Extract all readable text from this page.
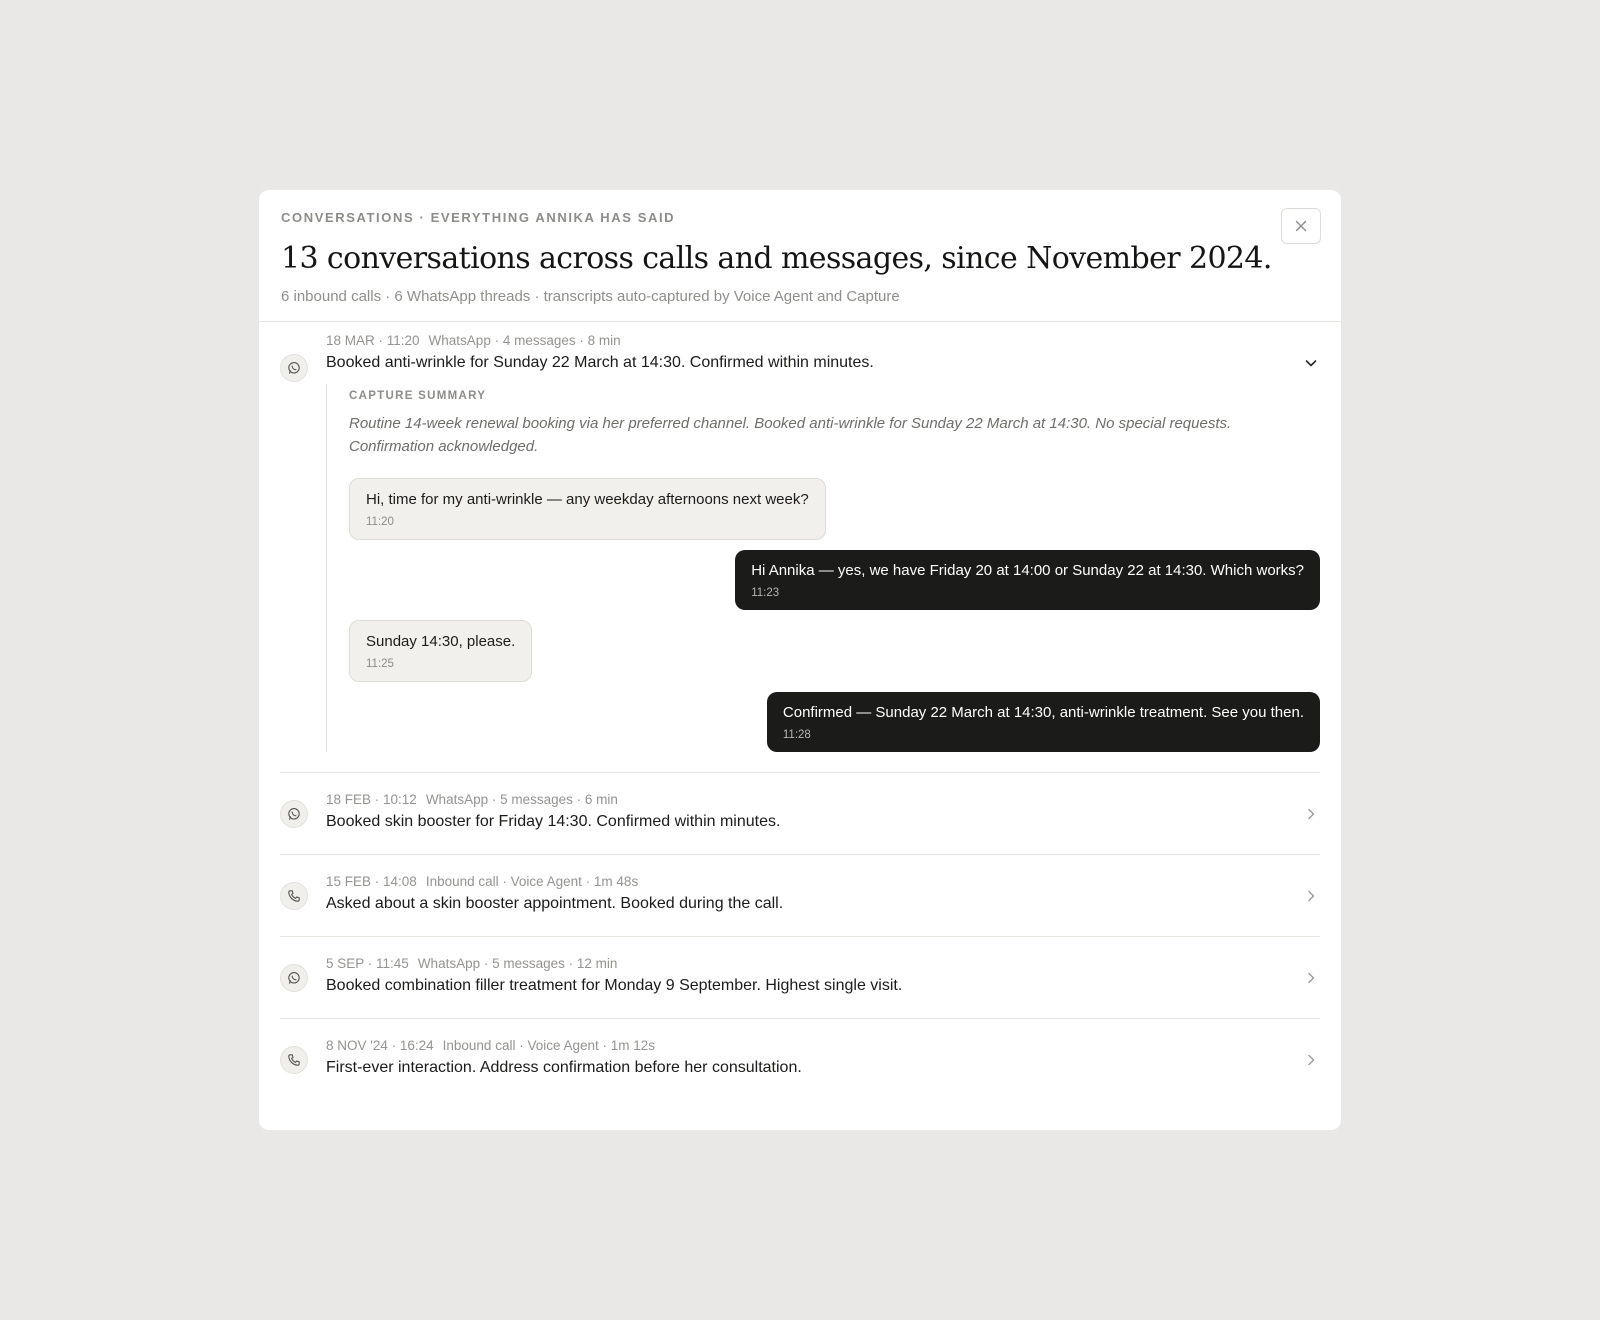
CONVERSATIONS · EVERYTHING ANNIKA HAS SAID

13 conversations across calls and messages, since November 2024.
6 inbound calls · 6 WhatsApp threads · transcripts auto-captured by Voice Agent and Capture
18 MAR · 11:20 WhatsApp · 4 messages · 8 min
Booked anti-wrinkle for Sunday 22 March at 14:30. Confirmed within minutes.
CAPTURE SUMMARY
Routine 14-week renewal booking via her preferred channel. Booked anti-wrinkle for Sunday 22 March at 14:30. No special requests. Confirmation acknowledged.
Hi, time for my anti-wrinkle — any weekday afternoons next week?
11:20
Hi Annika — yes, we have Friday 20 at 14:00 or Sunday 22 at 14:30. Which works?
11:23
Sunday 14:30, please.
11:25
Confirmed — Sunday 22 March at 14:30, anti-wrinkle treatment. See you then.
11:28
18 FEB · 10:12 WhatsApp · 5 messages · 6 min
Booked skin booster for Friday 14:30. Confirmed within minutes.
15 FEB · 14:08 Inbound call · Voice Agent · 1m 48s
Asked about a skin booster appointment. Booked during the call.
5 SEP · 11:45 WhatsApp · 5 messages · 12 min
Booked combination filler treatment for Monday 9 September. Highest single visit.
8 NOV '24 · 16:24 Inbound call · Voice Agent · 1m 12s
First-ever interaction. Address confirmation before her consultation.
